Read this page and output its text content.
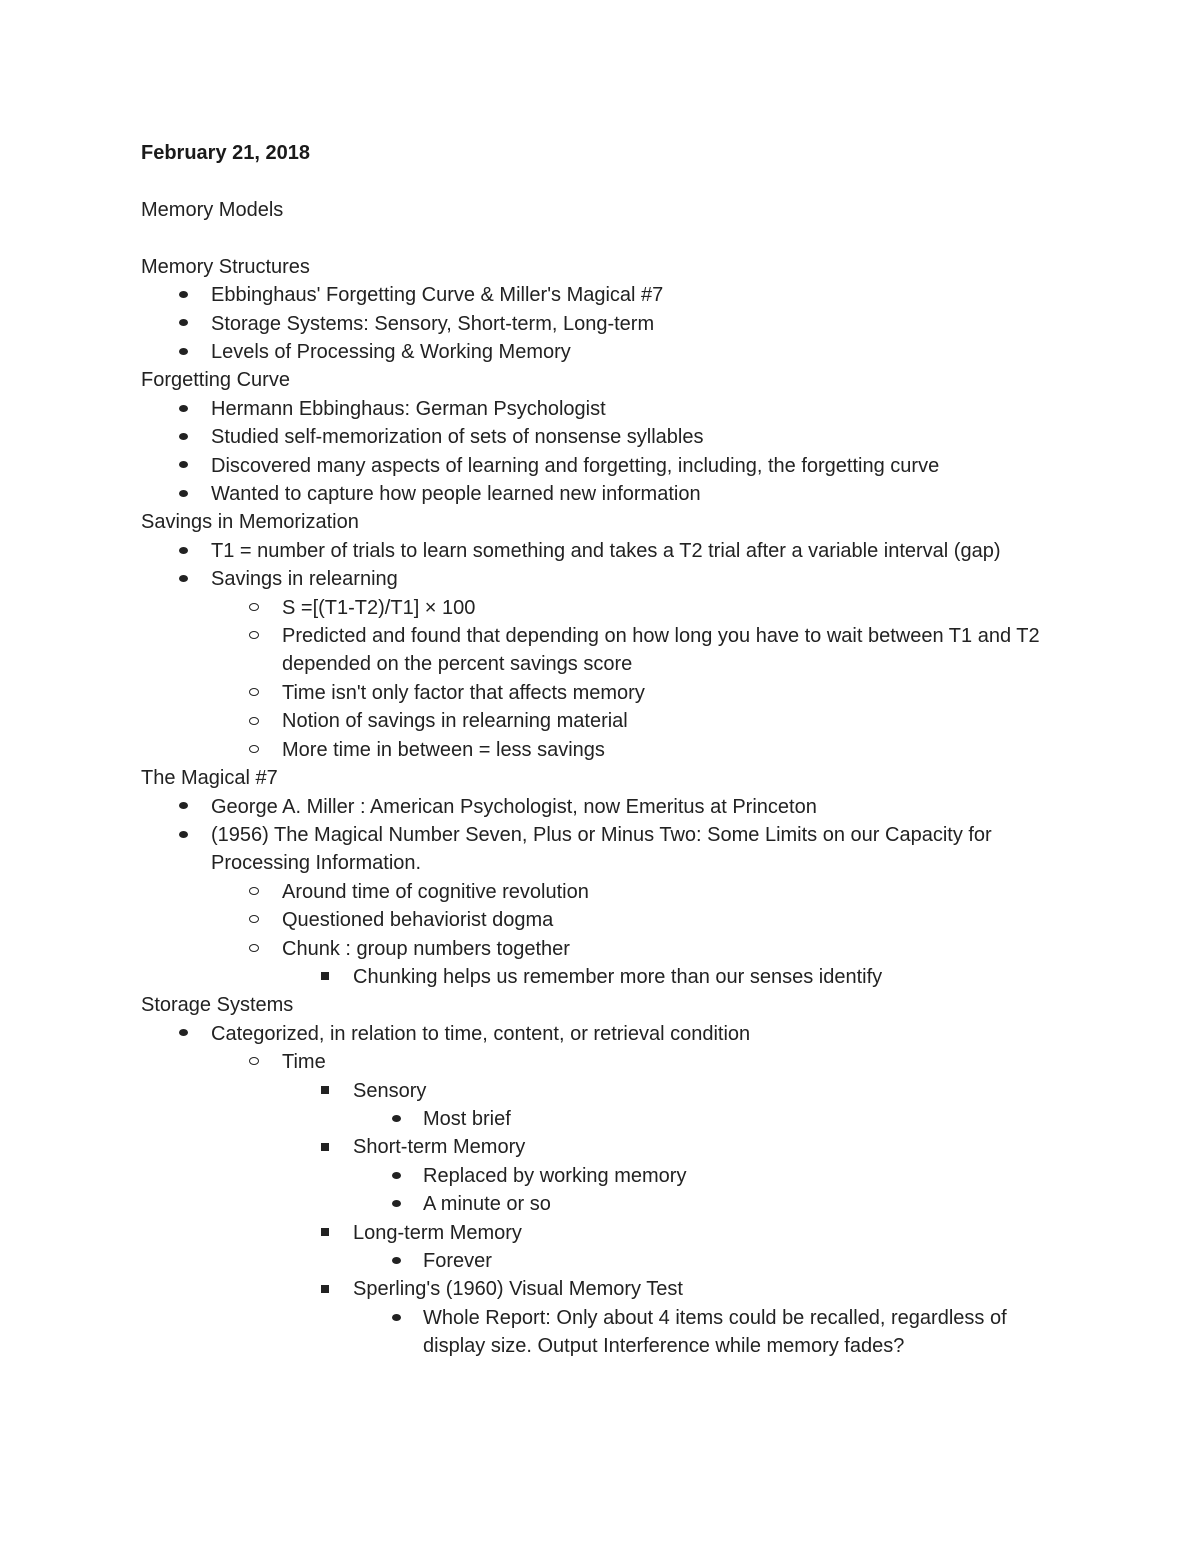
February 21, 2018
Memory Models
Memory Structures
Ebbinghaus' Forgetting Curve & Miller's Magical #7
Storage Systems: Sensory, Short-term, Long-term
Levels of Processing & Working Memory
Forgetting Curve
Hermann Ebbinghaus: German Psychologist
Studied self-memorization of sets of nonsense syllables
Discovered many aspects of learning and forgetting, including, the forgetting curve
Wanted to capture how people learned new information
Savings in Memorization
T1 = number of trials to learn something and takes a T2 trial after a variable interval (gap)
Savings in relearning
S =[(T1-T2)/T1] × 100
Predicted and found that depending on how long you have to wait between T1 and T2 depended on the percent savings score
Time isn't only factor that affects memory
Notion of savings in relearning material
More time in between = less savings
The Magical #7
George A. Miller : American Psychologist, now Emeritus at Princeton
(1956) The Magical Number Seven, Plus or Minus Two: Some Limits on our Capacity for Processing Information.
Around time of cognitive revolution
Questioned behaviorist dogma
Chunk : group numbers together
Chunking helps us remember more than our senses identify
Storage Systems
Categorized, in relation to time, content, or retrieval condition
Time
Sensory
Most brief
Short-term Memory
Replaced by working memory
A minute or so
Long-term Memory
Forever
Sperling's (1960) Visual Memory Test
Whole Report: Only about 4 items could be recalled, regardless of display size. Output Interference while memory fades?
